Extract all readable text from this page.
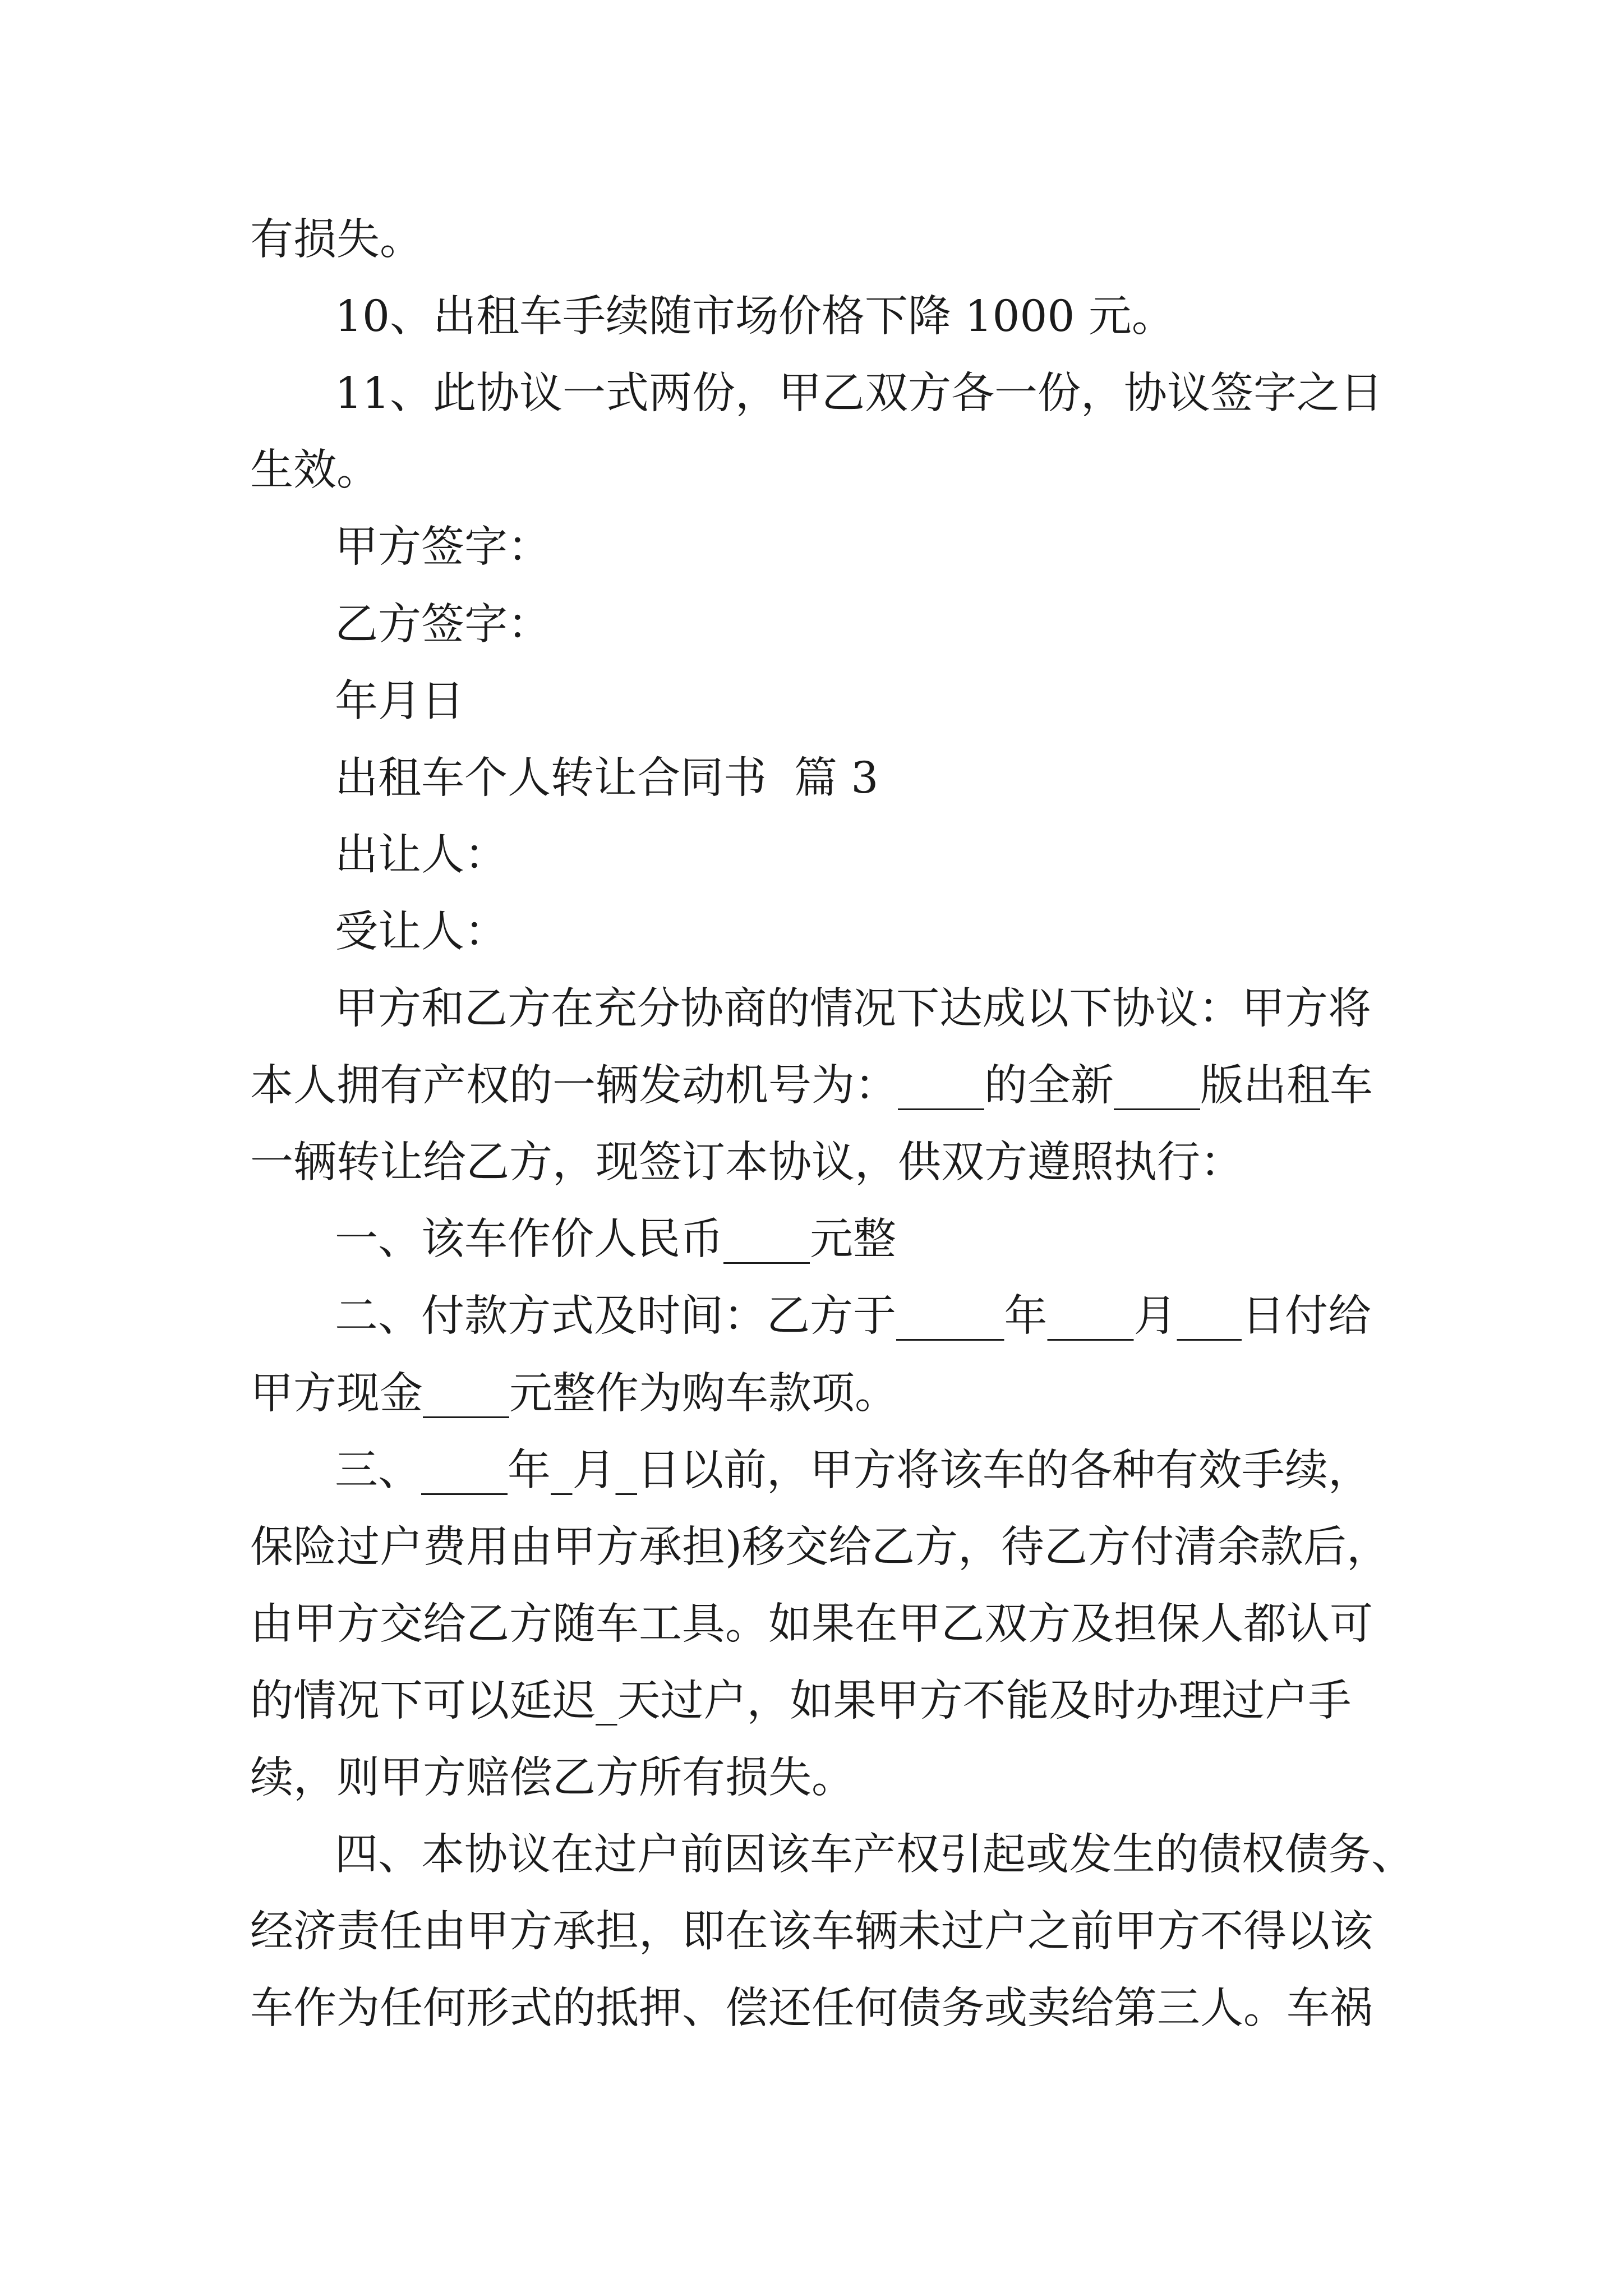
有损失。

10、出租车手续随市场价格下降 1000 元。

11、此协议一式两份，甲乙双方各一份，协议签字之日

生效。

甲方签字：

乙方签字：

年月日

出租车个人转让合同书  篇 3

出让人：

受让人：

甲方和乙方在充分协商的情况下达成以下协议：甲方将

本人拥有产权的一辆发动机号为：____的全新____版出租车

一辆转让给乙方，现签订本协议，供双方遵照执行：

一、该车作价人民币____元整

二、付款方式及时间：乙方于_____年____月___日付给

甲方现金____元整作为购车款项。

三、____年_月_日以前，甲方将该车的各种有效手续，

保险过户费用由甲方承担)移交给乙方，待乙方付清余款后，

由甲方交给乙方随车工具。如果在甲乙双方及担保人都认可

的情况下可以延迟_天过户，如果甲方不能及时办理过户手

续，则甲方赔偿乙方所有损失。

四、本协议在过户前因该车产权引起或发生的债权债务、

经济责任由甲方承担，即在该车辆未过户之前甲方不得以该

车作为任何形式的抵押、偿还任何债务或卖给第三人。车祸
